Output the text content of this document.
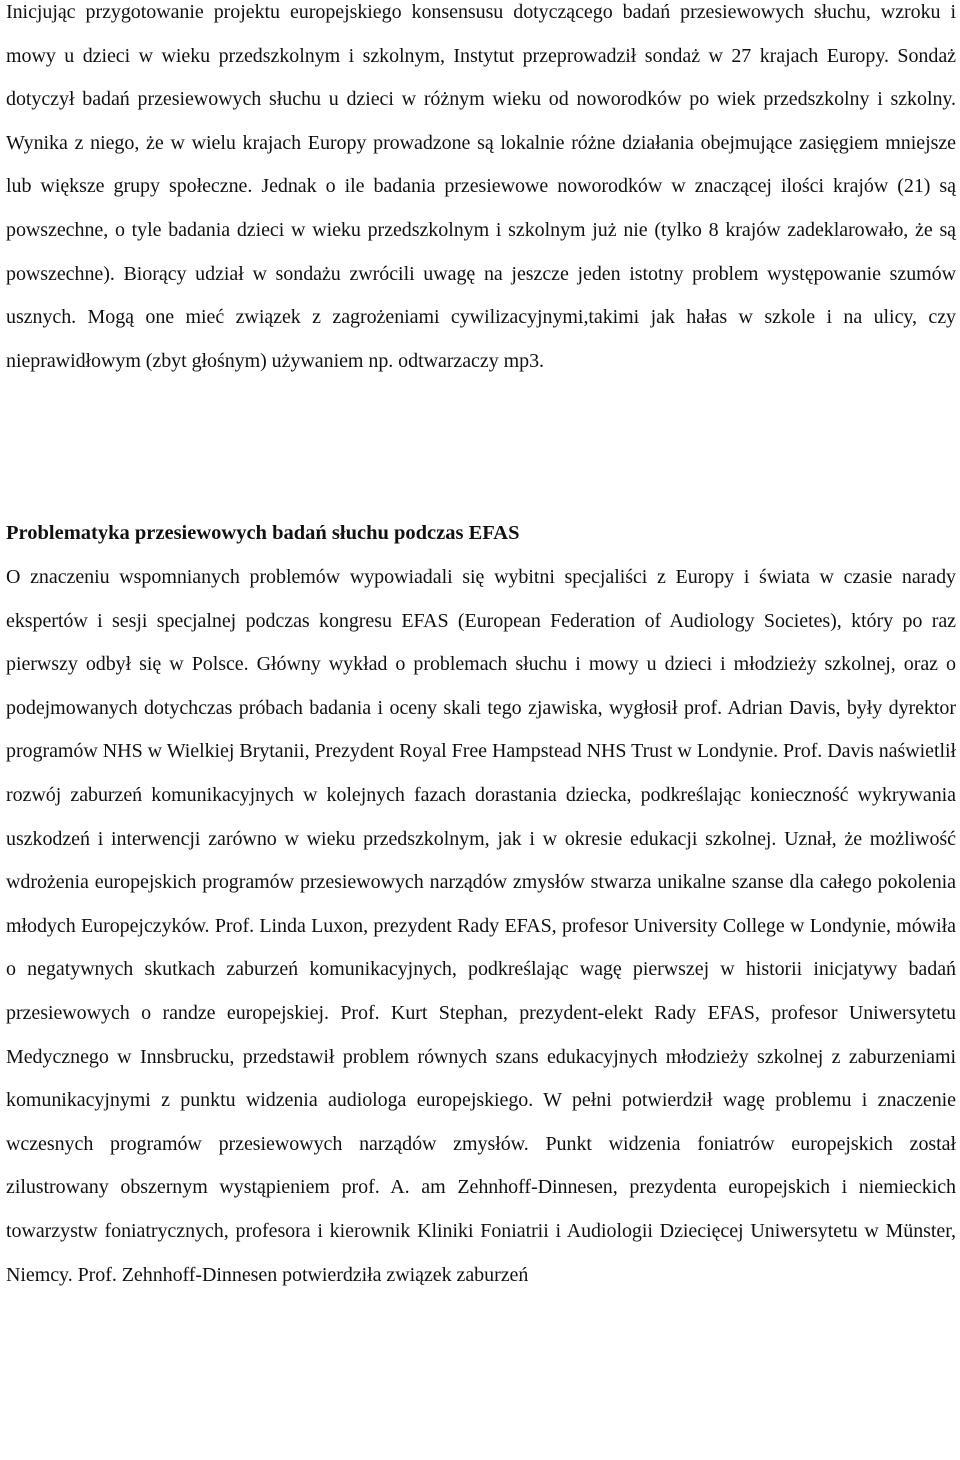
Inicjując przygotowanie projektu europejskiego konsensusu dotyczącego badań przesiewowych słuchu, wzroku i mowy u dzieci w wieku przedszkolnym i szkolnym, Instytut przeprowadził sondaż w 27 krajach Europy. Sondaż dotyczył badań przesiewowych słuchu u dzieci w różnym wieku od noworodków po wiek przedszkolny i szkolny. Wynika z niego, że w wielu krajach Europy prowadzone są lokalnie różne działania obejmujące zasięgiem mniejsze lub większe grupy społeczne. Jednak o ile badania przesiewowe noworodków w znaczącej ilości krajów (21) są powszechne, o tyle badania dzieci w wieku przedszkolnym i szkolnym już nie (tylko 8 krajów zadeklarowało, że są powszechne). Biorący udział w sondażu zwrócili uwagę na jeszcze jeden istotny problem występowanie szumów usznych. Mogą one mieć związek z zagrożeniami cywilizacyjnymi,takimi jak hałas w szkole i na ulicy, czy nieprawidłowym (zbyt głośnym) używaniem np. odtwarzaczy mp3.

Problematyka przesiewowych badań słuchu podczas EFAS

O znaczeniu wspomnianych problemów wypowiadali się wybitni specjaliści z Europy i świata w czasie narady ekspertów i sesji specjalnej podczas kongresu EFAS (European Federation of Audiology Societes), który po raz pierwszy odbył się w Polsce. Główny wykład o problemach słuchu i mowy u dzieci i młodzieży szkolnej, oraz o podejmowanych dotychczas próbach badania i oceny skali tego zjawiska, wygłosił prof. Adrian Davis, były dyrektor programów NHS w Wielkiej Brytanii, Prezydent Royal Free Hampstead NHS Trust w Londynie. Prof. Davis naświetlił rozwój zaburzeń komunikacyjnych w kolejnych fazach dorastania dziecka, podkreślając konieczność wykrywania uszkodzeń i interwencji zarówno w wieku przedszkolnym, jak i w okresie edukacji szkolnej. Uznał, że możliwość wdrożenia europejskich programów przesiewowych narządów zmysłów stwarza unikalne szanse dla całego pokolenia młodych Europejczyków. Prof. Linda Luxon, prezydent Rady EFAS, profesor University College w Londynie, mówiła o negatywnych skutkach zaburzeń komunikacyjnych, podkreślając wagę pierwszej w historii inicjatywy badań przesiewowych o randze europejskiej. Prof. Kurt Stephan, prezydent-elekt Rady EFAS, profesor Uniwersytetu Medycznego w Innsbrucku, przedstawił problem równych szans edukacyjnych młodzieży szkolnej z zaburzeniami komunikacyjnymi z punktu widzenia audiologa europejskiego. W pełni potwierdził wagę problemu i znaczenie wczesnych programów przesiewowych narządów zmysłów. Punkt widzenia foniatrów europejskich został zilustrowany obszernym wystąpieniem prof. A. am Zehnhoff-Dinnesen, prezydenta europejskich i niemieckich towarzystw foniatrycznych, profesora i kierownik Kliniki Foniatrii i Audiologii Dziecięcej Uniwersytetu w Münster, Niemcy. Prof. Zehnhoff-Dinnesen potwierdziła związek zaburzeń
